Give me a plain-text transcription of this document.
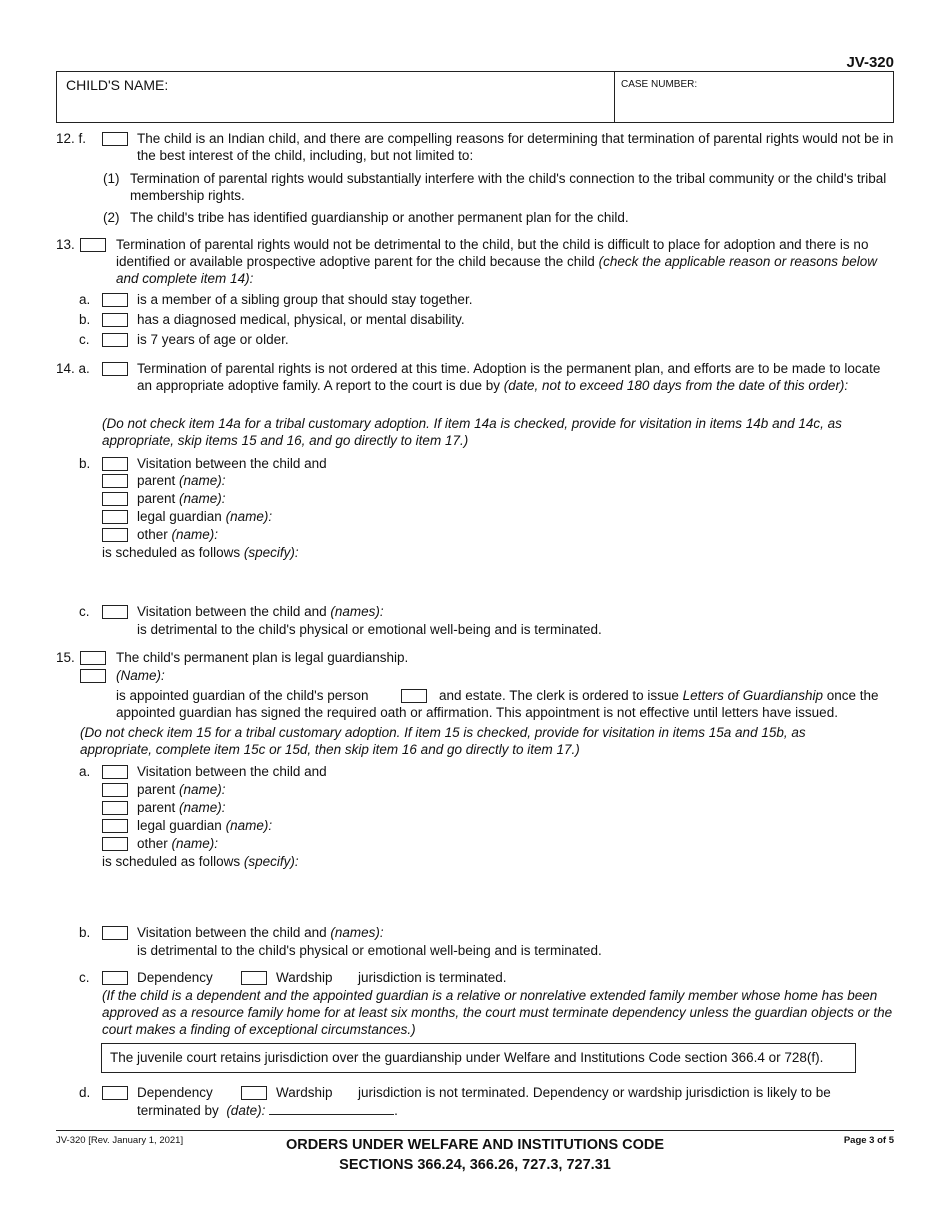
JV-320
CHILD'S NAME:	CASE NUMBER:
12. f.	The child is an Indian child, and there are compelling reasons for determining that termination of parental rights would not be in the best interest of the child, including, but not limited to:
(1) Termination of parental rights would substantially interfere with the child's connection to the tribal community or the child's tribal membership rights.
(2) The child's tribe has identified guardianship or another permanent plan for the child.
13.	Termination of parental rights would not be detrimental to the child, but the child is difficult to place for adoption and there is no identified or available prospective adoptive parent for the child because the child (check the applicable reason or reasons below and complete item 14):
a.	is a member of a sibling group that should stay together.
b.	has a diagnosed medical, physical, or mental disability.
c.	is 7 years of age or older.
14. a.	Termination of parental rights is not ordered at this time. Adoption is the permanent plan, and efforts are to be made to locate an appropriate adoptive family. A report to the court is due by (date, not to exceed 180 days from the date of this order):
(Do not check item 14a for a tribal customary adoption. If item 14a is checked, provide for visitation in items 14b and 14c, as appropriate, skip items 15 and 16, and go directly to item 17.)
b.	Visitation between the child and
parent (name):
parent (name):
legal guardian (name):
other (name):
is scheduled as follows (specify):
c.	Visitation between the child and (names):
is detrimental to the child's physical or emotional well-being and is terminated.
15.	The child's permanent plan is legal guardianship.
(Name):
is appointed guardian of the child's person	and estate. The clerk is ordered to issue Letters of Guardianship once the
appointed guardian has signed the required oath or affirmation. This appointment is not effective until letters have issued.
(Do not check item 15 for a tribal customary adoption. If item 15 is checked, provide for visitation in items 15a and 15b, as appropriate, complete item 15c or 15d, then skip item 16 and go directly to item 17.)
a.	Visitation between the child and
parent (name):
parent (name):
legal guardian (name):
other (name):
is scheduled as follows (specify):
b.	Visitation between the child and (names):
is detrimental to the child's physical or emotional well-being and is terminated.
c.	Dependency	Wardship jurisdiction is terminated.
(If the child is a dependent and the appointed guardian is a relative or nonrelative extended family member whose home has been approved as a resource family home for at least six months, the court must terminate dependency unless the guardian objects or the court makes a finding of exceptional circumstances.)
The juvenile court retains jurisdiction over the guardianship under Welfare and Institutions Code section 366.4 or 728(f).
d.	Dependency	Wardship jurisdiction is not terminated. Dependency or wardship jurisdiction is likely to be
terminated by (date):	.
JV-320 [Rev. January 1, 2021]	ORDERS UNDER WELFARE AND INSTITUTIONS CODE
SECTIONS 366.24, 366.26, 727.3, 727.31
Page 3 of 5
